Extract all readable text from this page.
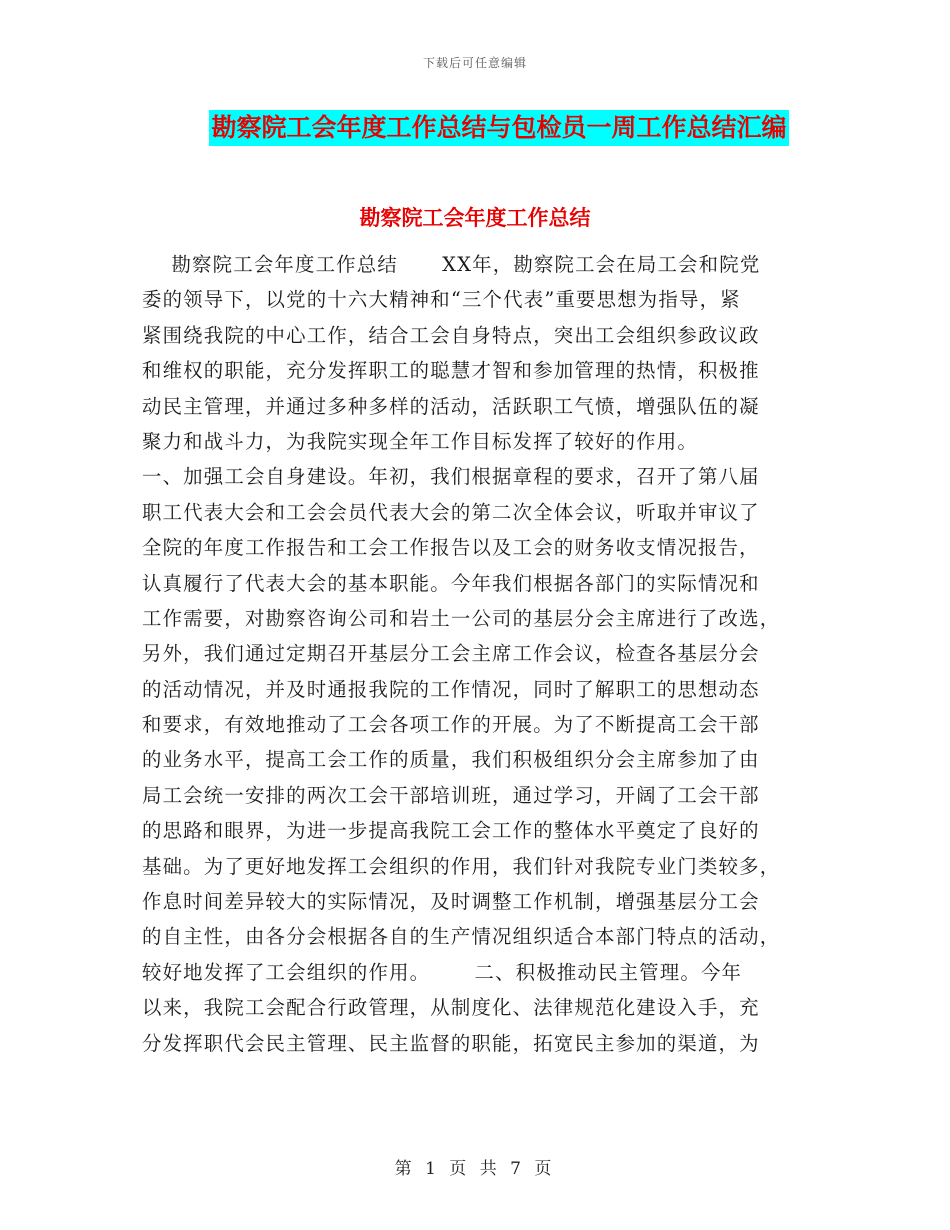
下载后可任意编辑
勘察院工会年度工作总结与包检员一周工作总结汇编
勘察院工会年度工作总结
勘察院工会年度工作总结      XX年，勘察院工会在局工会和院党
委的领导下，以党的十六大精神和“三个代表”重要思想为指导，紧
紧围绕我院的中心工作，结合工会自身特点，突出工会组织参政议政
和维权的职能，充分发挥职工的聪慧才智和参加管理的热情，积极推
动民主管理，并通过多种多样的活动，活跃职工气愤，增强队伍的凝
聚力和战斗力，为我院实现全年工作目标发挥了较好的作用。
一、加强工会自身建设。年初，我们根据章程的要求，召开了第八届
职工代表大会和工会会员代表大会的第二次全体会议，听取并审议了
全院的年度工作报告和工会工作报告以及工会的财务收支情况报告，
认真履行了代表大会的基本职能。今年我们根据各部门的实际情况和
工作需要，对勘察咨询公司和岩土一公司的基层分会主席进行了改选，
另外，我们通过定期召开基层分工会主席工作会议，检查各基层分会
的活动情况，并及时通报我院的工作情况，同时了解职工的思想动态
和要求，有效地推动了工会各项工作的开展。为了不断提高工会干部
的业务水平，提高工会工作的质量，我们积极组织分会主席参加了由
局工会统一安排的两次工会干部培训班，通过学习，开阔了工会干部
的思路和眼界，为进一步提高我院工会工作的整体水平奠定了良好的
基础。为了更好地发挥工会组织的作用，我们针对我院专业门类较多，
作息时间差异较大的实际情况，及时调整工作机制，增强基层分工会
的自主性，由各分会根据各自的生产情况组织适合本部门特点的活动，
较好地发挥了工会组织的作用。      二、积极推动民主管理。今年
以来，我院工会配合行政管理，从制度化、法律规范化建设入手，充
分发挥职代会民主管理、民主监督的职能，拓宽民主参加的渠道，为
第 1 页 共 7 页
